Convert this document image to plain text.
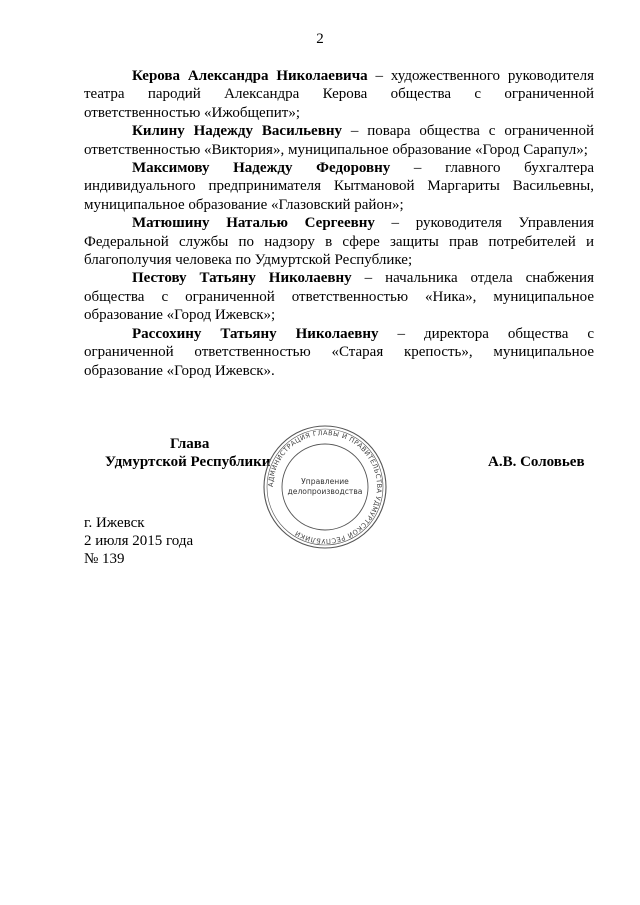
2

Керова Александра Николаевича – художественного руководителя театра пародий Александра Керова общества с ограниченной ответственностью «Ижобщепит»;

Килину Надежду Васильевну – повара общества с ограниченной ответственностью «Виктория», муниципальное образование «Город Сарапул»;

Максимову Надежду Федоровну – главного бухгалтера индивидуального предпринимателя Кытмановой Маргариты Васильевны, муниципальное образование «Глазовский район»;

Матюшину Наталью Сергеевну – руководителя Управления Федеральной службы по надзору в сфере защиты прав потребителей и благополучия человека по Удмуртской Республике;

Пестову Татьяну Николаевну – начальника отдела снабжения общества с ограниченной ответственностью «Ника», муниципальное образование «Город Ижевск»;

Рассохину Татьяну Николаевну – директора общества с ограниченной ответственностью «Старая крепость», муниципальное образование «Город Ижевск».

Глава
Удмуртской Республики
АДМИНИСТРАЦИЯ ГЛАВЫ И ПРАВИТЕЛЬСТВА УДМУРТСКОЙ РЕСПУБЛИКИ
Управление
делопроизводства
А.В. Соловьев
г. Ижевск
2 июля 2015 года
№ 139
